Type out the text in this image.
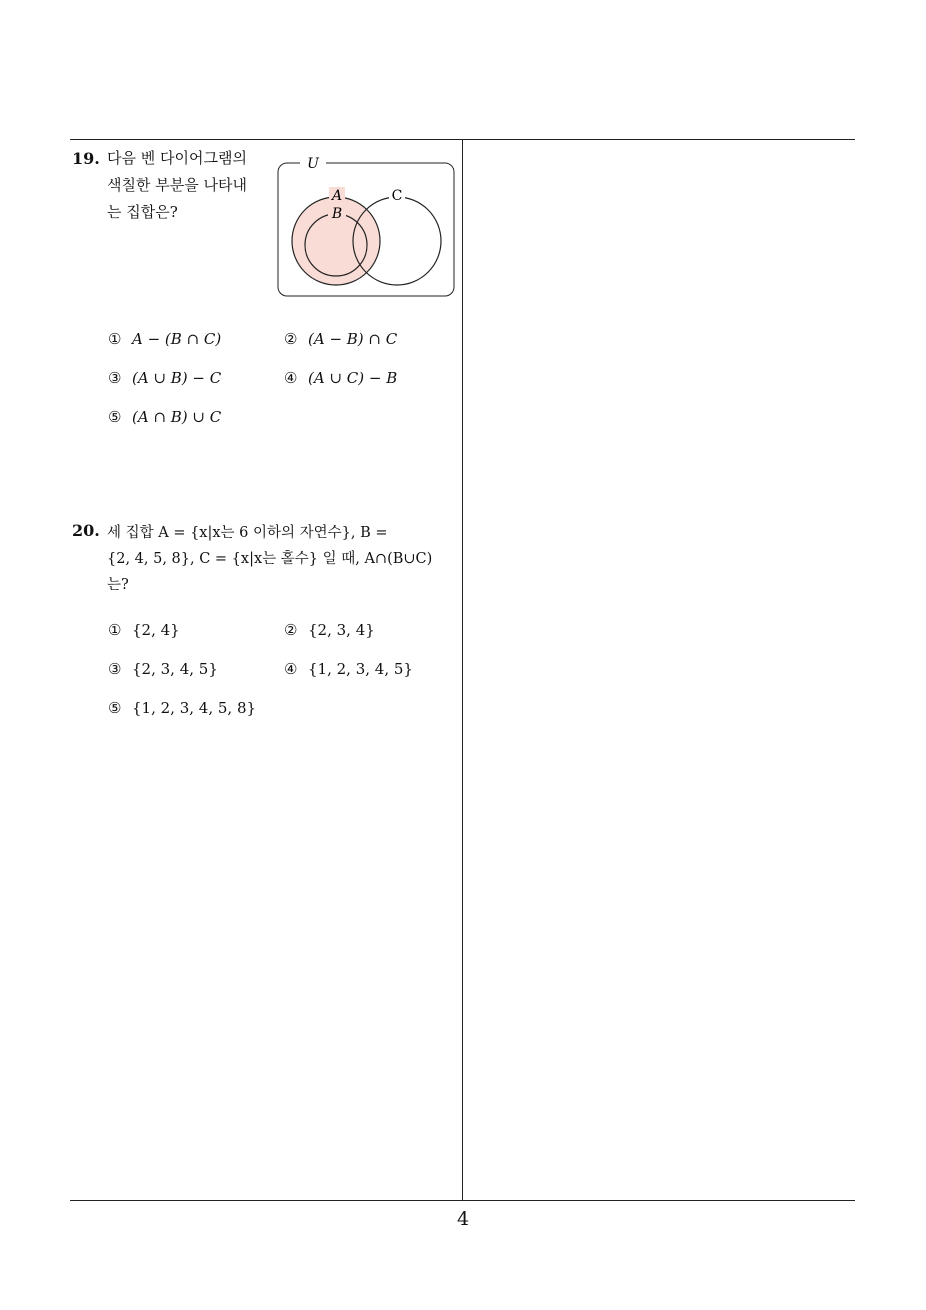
19. 다음 벤 다이어그램의
색칠한 부분을 나타내
는 집합은?
U
A
B
C
① A − (B ∩ C)	② (A − B) ∩ C
③ (A ∪ B) − C	④ (A ∪ C) − B
⑤ (A ∩ B) ∪ C
20. 세 집합 A = {x|x는 6 이하의 자연수}, B =
{2, 4, 5, 8}, C = {x|x는 홀수} 일 때, A∩(B∪C)
는?
① {2, 4}	② {2, 3, 4}
③ {2, 3, 4, 5}	④ {1, 2, 3, 4, 5}
⑤ {1, 2, 3, 4, 5, 8}
4
